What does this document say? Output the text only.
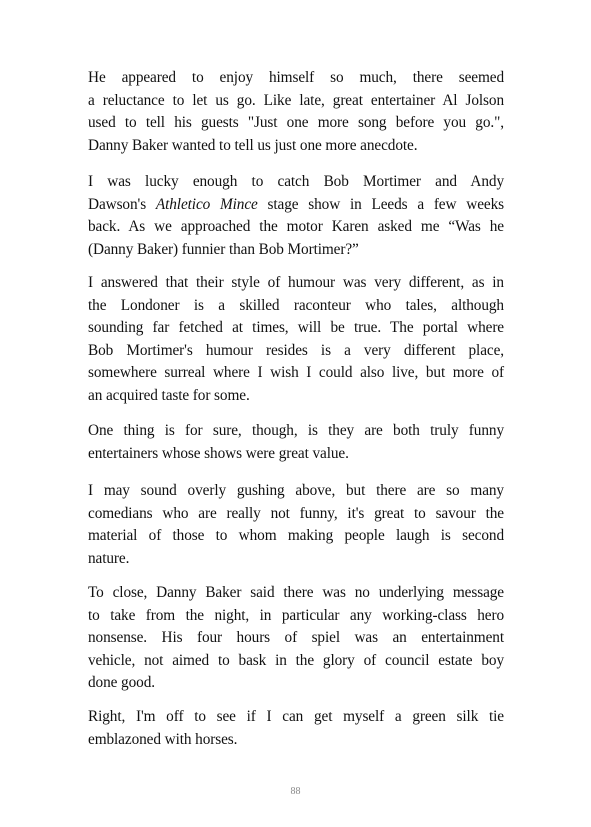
He appeared to enjoy himself so much, there seemed
a reluctance to let us go. Like late, great entertainer Al Jolson
used to tell his guests "Just one more song before you go.",
Danny Baker wanted to tell us just one more anecdote.
I was lucky enough to catch Bob Mortimer and Andy
Dawson's Athletico Mince stage show in Leeds a few weeks
back. As we approached the motor Karen asked me “Was he
(Danny Baker) funnier than Bob Mortimer?”
I answered that their style of humour was very different, as in
the Londoner is a skilled raconteur who tales, although
sounding far fetched at times, will be true. The portal where
Bob Mortimer's humour resides is a very different place,
somewhere surreal where I wish I could also live, but more of
an acquired taste for some.
One thing is for sure, though, is they are both truly funny
entertainers whose shows were great value.
I may sound overly gushing above, but there are so many
comedians who are really not funny, it's great to savour the
material of those to whom making people laugh is second
nature.
To close, Danny Baker said there was no underlying message
to take from the night, in particular any working-class hero
nonsense. His four hours of spiel was an entertainment
vehicle, not aimed to bask in the glory of council estate boy
done good.
Right, I'm off to see if I can get myself a green silk tie
emblazoned with horses.
88
